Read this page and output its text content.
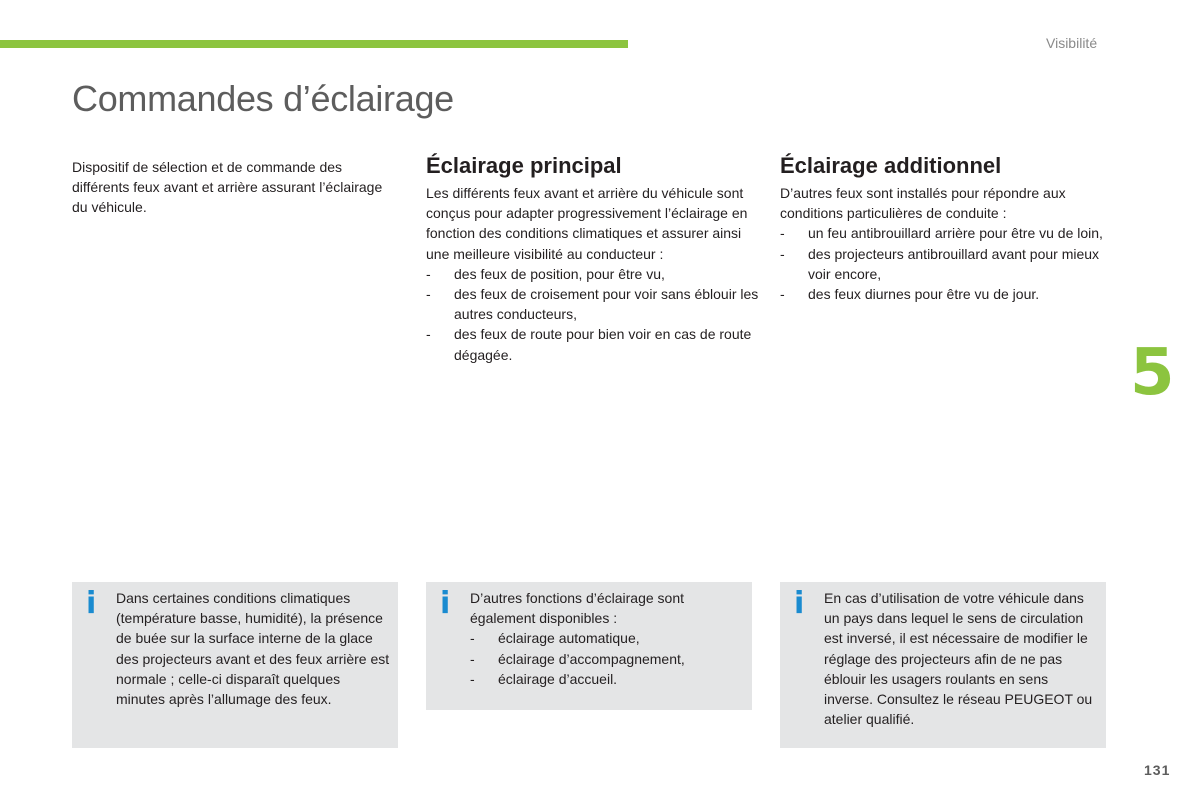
Visibilité
Commandes d’éclairage

Dispositif de sélection et de commande des différents feux avant et arrière assurant l’éclairage du véhicule.

Éclairage principal

Les différents feux avant et arrière du véhicule sont conçus pour adapter progressivement l’éclairage en fonction des conditions climatiques et assurer ainsi une meilleure visibilité au conducteur :

- des feux de position, pour être vu,
- des feux de croisement pour voir sans éblouir les autres conducteurs,
- des feux de route pour bien voir en cas de route dégagée.
Éclairage additionnel

D’autres feux sont installés pour répondre aux conditions particulières de conduite :

- un feu antibrouillard arrière pour être vu de loin,
- des projecteurs antibrouillard avant pour mieux voir encore,
- des feux diurnes pour être vu de jour.
i Dans certaines conditions climatiques (température basse, humidité), la présence de buée sur la surface interne de la glace des projecteurs avant et des feux arrière est normale ; celle-ci disparaît quelques minutes après l’allumage des feux.

i D’autres fonctions d’éclairage sont également disponibles :

- éclairage automatique,
- éclairage d’accompagnement,
- éclairage d’accueil.
i En cas d’utilisation de votre véhicule dans un pays dans lequel le sens de circulation est inversé, il est nécessaire de modifier le réglage des projecteurs afin de ne pas éblouir les usagers roulants en sens inverse. Consultez le réseau PEUGEOT ou atelier qualifié.

5
131
